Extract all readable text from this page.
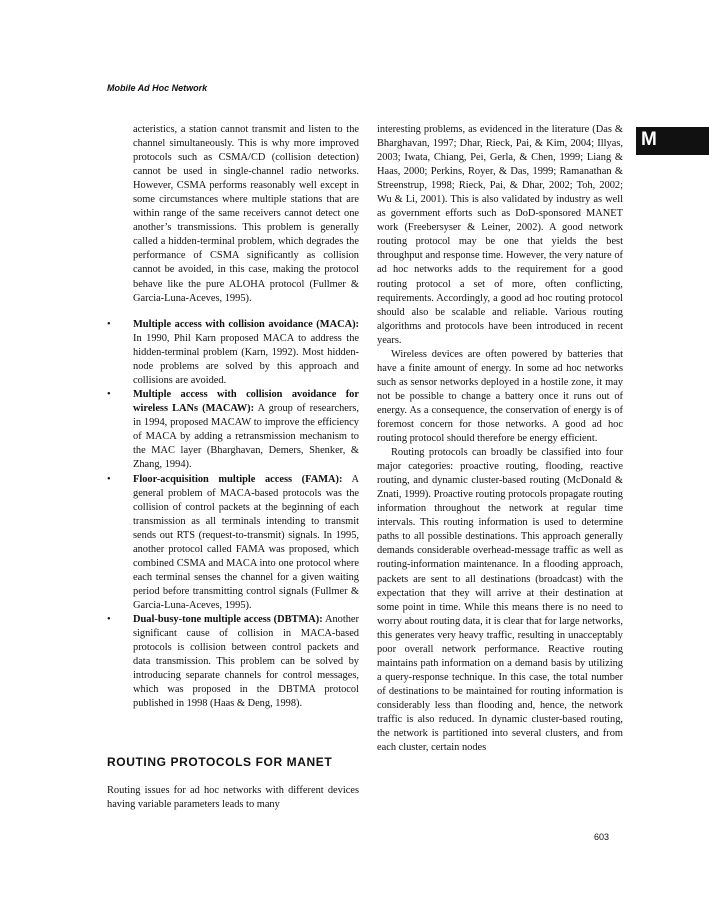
Mobile Ad Hoc Network
M

acteristics, a station cannot transmit and listen to the channel simultaneously. This is why more improved protocols such as CSMA/CD (collision detection) cannot be used in single-channel radio networks. However, CSMA performs reasonably well except in some circumstances where multiple stations that are within range of the same receivers cannot detect one another’s transmissions. This problem is generally called a hidden-terminal problem, which degrades the performance of CSMA significantly as collision cannot be avoided, in this case, making the protocol behave like the pure ALOHA protocol (Fullmer & Garcia-Luna-Aceves, 1995).

• Multiple access with collision avoidance (MACA): In 1990, Phil Karn proposed MACA to address the hidden-terminal problem (Karn, 1992). Most hidden-node problems are solved by this approach and collisions are avoided.
• Multiple access with collision avoidance for wireless LANs (MACAW): A group of researchers, in 1994, proposed MACAW to improve the efficiency of MACA by adding a retransmission mechanism to the MAC layer (Bharghavan, Demers, Shenker, & Zhang, 1994).
• Floor-acquisition multiple access (FAMA): A general problem of MACA-based protocols was the collision of control packets at the beginning of each transmission as all terminals intending to transmit sends out RTS (request-to-transmit) signals. In 1995, another protocol called FAMA was proposed, which combined CSMA and MACA into one protocol where each terminal senses the channel for a given waiting period before transmitting control signals (Fullmer & Garcia-Luna-Aceves, 1995).
• Dual-busy-tone multiple access (DBTMA): Another significant cause of collision in MACA-based protocols is collision between control packets and data transmission. This problem can be solved by introducing separate channels for control messages, which was proposed in the DBTMA protocol published in 1998 (Haas & Deng, 1998).
ROUTING PROTOCOLS FOR MANET

Routing issues for ad hoc networks with different devices having variable parameters leads to many

interesting problems, as evidenced in the literature (Das & Bharghavan, 1997; Dhar, Rieck, Pai, & Kim, 2004; Illyas, 2003; Iwata, Chiang, Pei, Gerla, & Chen, 1999; Liang & Haas, 2000; Perkins, Royer, & Das, 1999; Ramanathan & Streenstrup, 1998; Rieck, Pai, & Dhar, 2002; Toh, 2002; Wu & Li, 2001). This is also validated by industry as well as government efforts such as DoD-sponsored MANET work (Freebersyser & Leiner, 2002). A good network routing protocol may be one that yields the best throughput and response time. However, the very nature of ad hoc networks adds to the requirement for a good routing protocol a set of more, often conflicting, requirements. Accordingly, a good ad hoc routing protocol should also be scalable and reliable. Various routing algorithms and protocols have been introduced in recent years.

Wireless devices are often powered by batteries that have a finite amount of energy. In some ad hoc networks such as sensor networks deployed in a hostile zone, it may not be possible to change a battery once it runs out of energy. As a consequence, the conservation of energy is of foremost concern for those networks. A good ad hoc routing protocol should therefore be energy efficient.

Routing protocols can broadly be classified into four major categories: proactive routing, flooding, reactive routing, and dynamic cluster-based routing (McDonald & Znati, 1999). Proactive routing protocols propagate routing information throughout the network at regular time intervals. This routing information is used to determine paths to all possible destinations. This approach generally demands considerable overhead-message traffic as well as routing-information maintenance. In a flooding approach, packets are sent to all destinations (broadcast) with the expectation that they will arrive at their destination at some point in time. While this means there is no need to worry about routing data, it is clear that for large networks, this generates very heavy traffic, resulting in unacceptably poor overall network performance. Reactive routing maintains path information on a demand basis by utilizing a query-response technique. In this case, the total number of destinations to be maintained for routing information is considerably less than flooding and, hence, the network traffic is also reduced. In dynamic cluster-based routing, the network is partitioned into several clusters, and from each cluster, certain nodes

603
